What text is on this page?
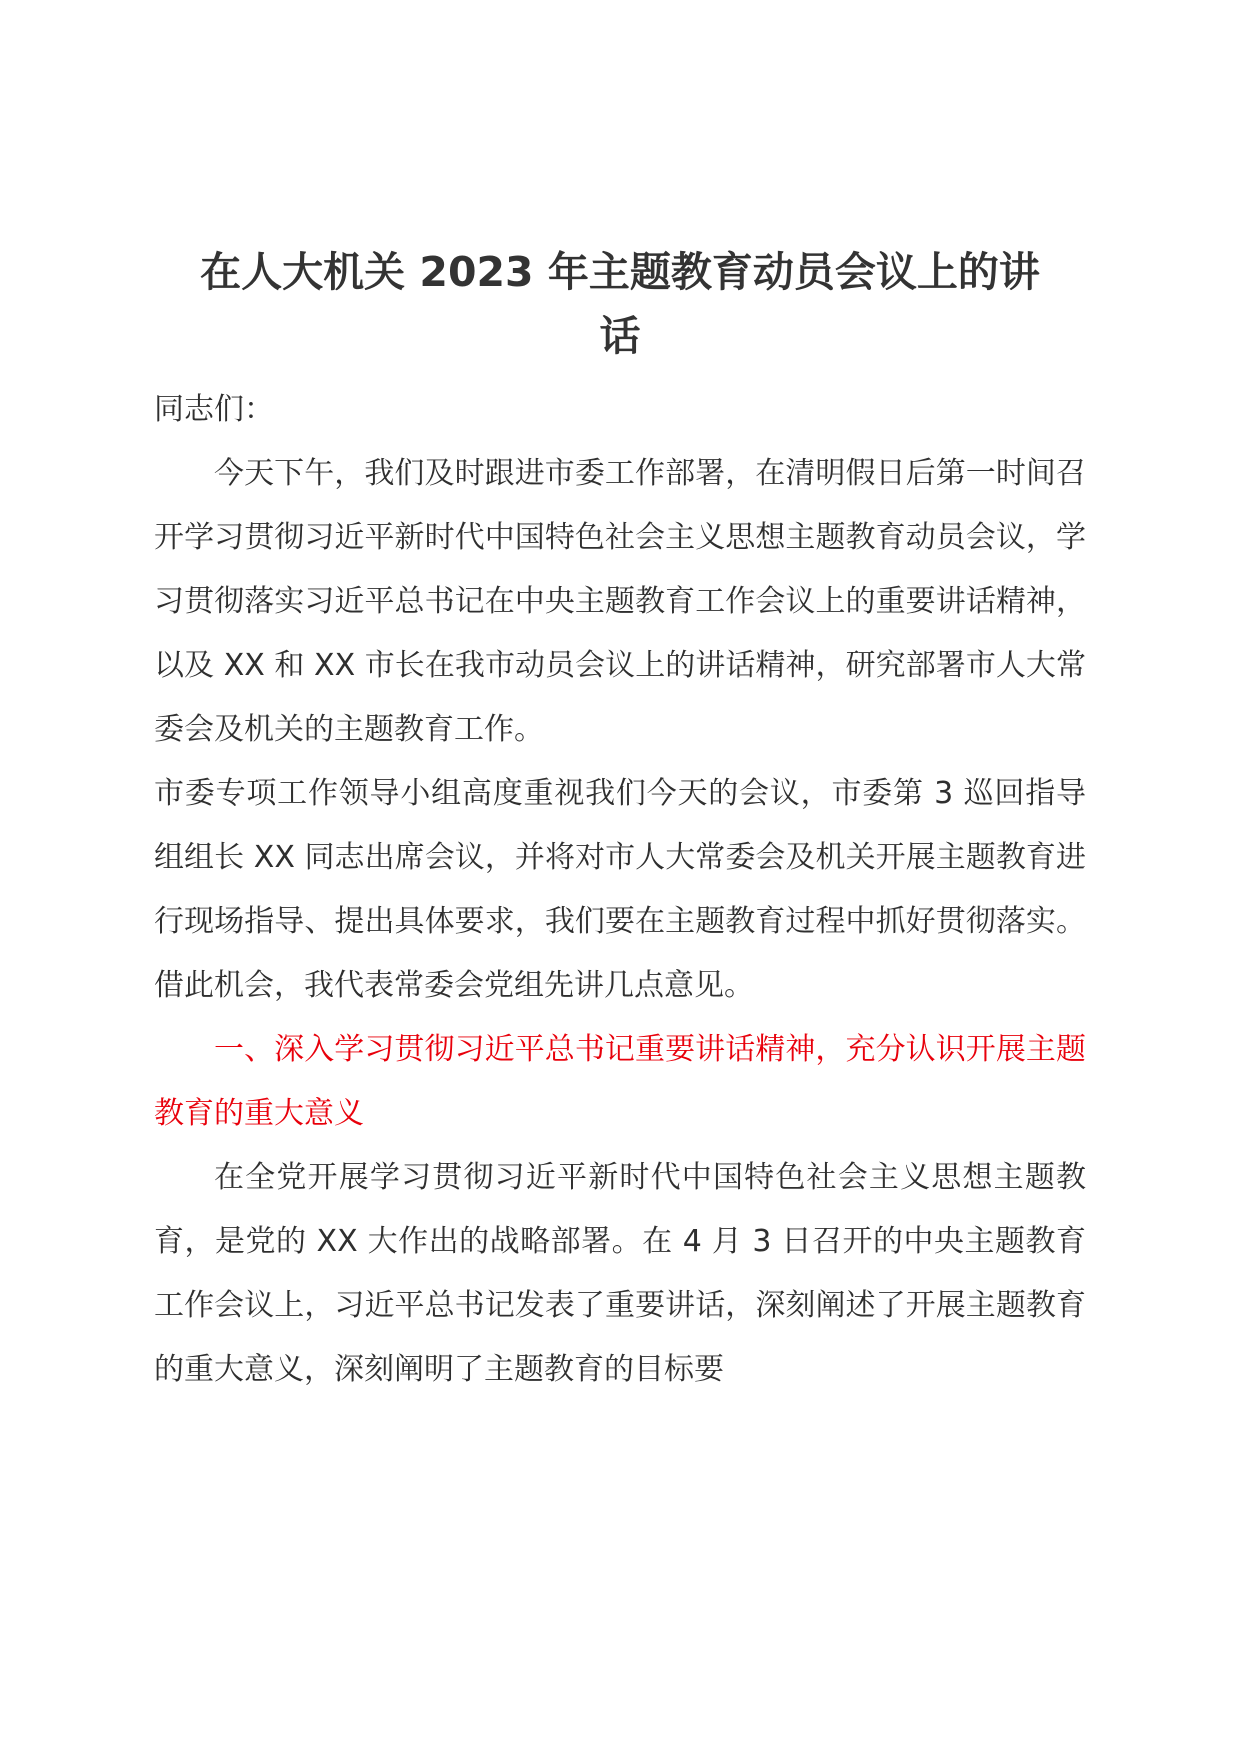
在人大机关 2023 年主题教育动员会议上的讲
话

同志们：

今天下午，我们及时跟进市委工作部署，在清明假日后第一时间召开学习贯彻习近平新时代中国特色社会主义思想主题教育动员会议，学习贯彻落实习近平总书记在中央主题教育工作会议上的重要讲话精神，以及 XX 和 XX 市长在我市动员会议上的讲话精神，研究部署市人大常委会及机关的主题教育工作。

市委专项工作领导小组高度重视我们今天的会议，市委第 3 巡回指导组组长 XX 同志出席会议，并将对市人大常委会及机关开展主题教育进行现场指导、提出具体要求，我们要在主题教育过程中抓好贯彻落实。借此机会，我代表常委会党组先讲几点意见。

一、深入学习贯彻习近平总书记重要讲话精神，充分认识开展主题教育的重大意义

在全党开展学习贯彻习近平新时代中国特色社会主义思想主题教育，是党的 XX 大作出的战略部署。在 4 月 3 日召开的中央主题教育工作会议上，习近平总书记发表了重要讲话，深刻阐述了开展主题教育的重大意义，深刻阐明了主题教育的目标要
